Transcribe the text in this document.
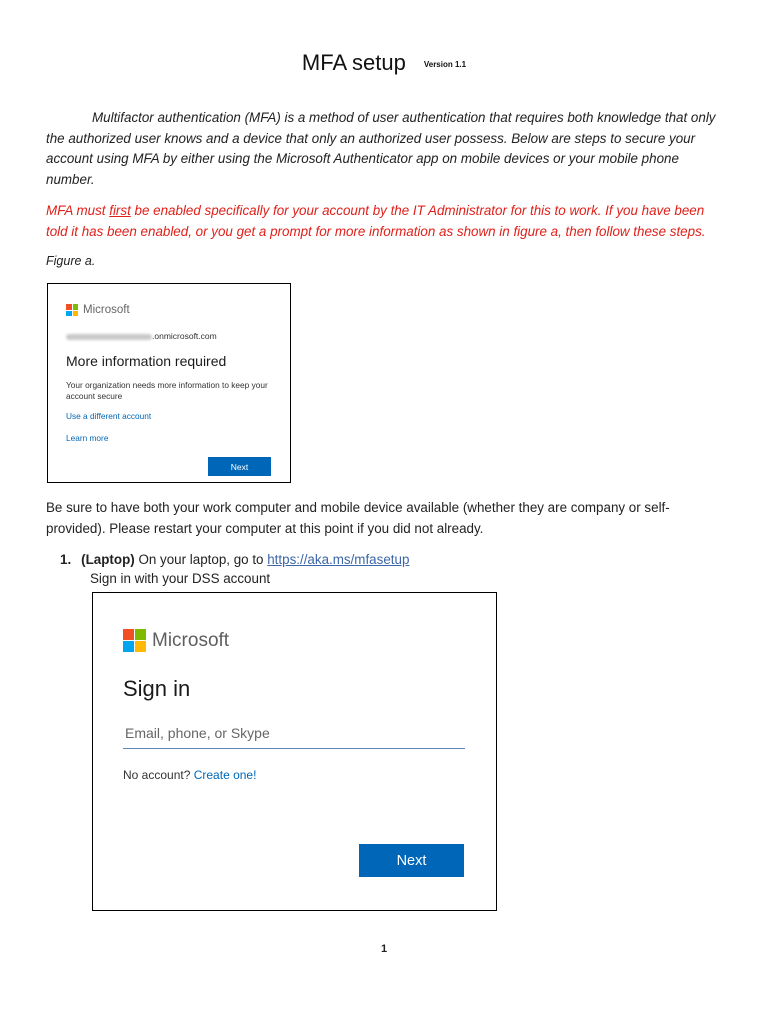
MFA setup Version 1.1
Multifactor authentication (MFA) is a method of user authentication that requires both knowledge that only the authorized user knows and a device that only an authorized user possess. Below are steps to secure your account using MFA by either using the Microsoft Authenticator app on mobile devices or your mobile phone number.
MFA must first be enabled specifically for your account by the IT Administrator for this to work. If you have been told it has been enabled, or you get a prompt for more information as shown in figure a, then follow these steps.
Figure a.
Microsoft
.onmicrosoft.com
More information required
Your organization needs more information to keep your account secure
Use a different account
Learn more
Next
Be sure to have both your work computer and mobile device available (whether they are company or self-provided). Please restart your computer at this point if you did not already.
1. (Laptop) On your laptop, go to https://aka.ms/mfasetup
Sign in with your DSS account
Microsoft
Sign in
Email, phone, or Skype
No account? Create one!
Next
1
